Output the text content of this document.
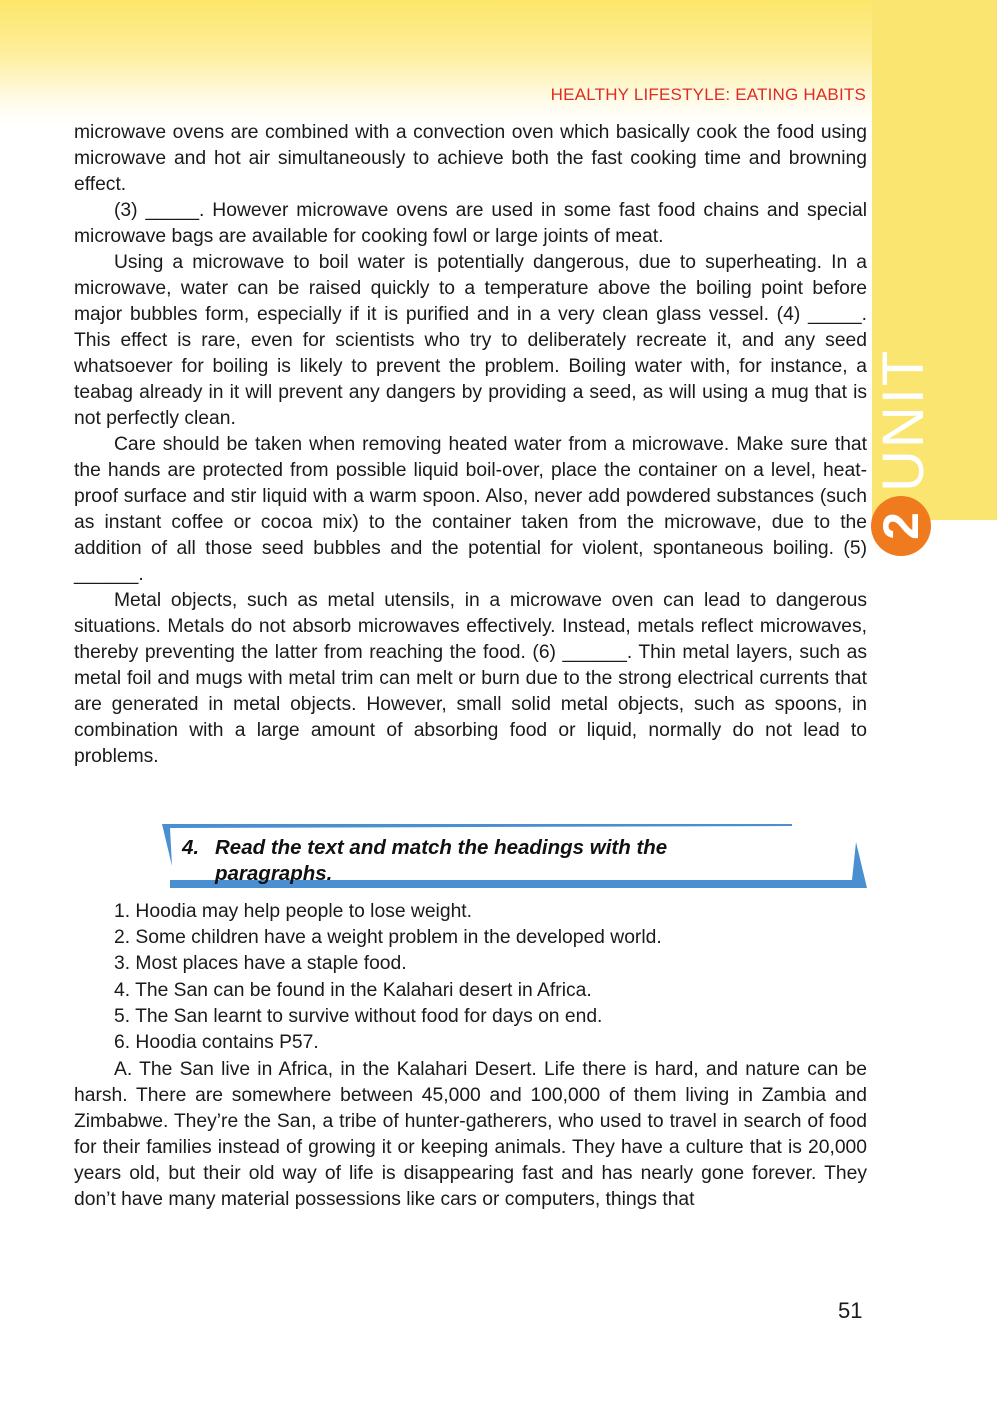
HEALTHY LIFESTYLE: EATING HABITS
UNIT
2

microwave ovens are combined with a convection oven which basically cook the food using microwave and hot air simultaneously to achieve both the fast cooking time and browning effect.

(3) _____. However microwave ovens are used in some fast food chains and special microwave bags are available for cooking fowl or large joints of meat.

Using a microwave to boil water is potentially dangerous, due to superheating. In a microwave, water can be raised quickly to a temperature above the boiling point before major bubbles form, especially if it is purified and in a very clean glass vessel. (4) _____. This effect is rare, even for scientists who try to deliberately recreate it, and any seed whatsoever for boiling is likely to prevent the problem. Boiling water with, for instance, a teabag already in it will prevent any dangers by providing a seed, as will using a mug that is not perfectly clean.

Care should be taken when removing heated water from a microwave. Make sure that the hands are protected from possible liquid boil-over, place the container on a level, heat-proof surface and stir liquid with a warm spoon. Also, never add powdered substances (such as instant coffee or cocoa mix) to the container taken from the microwave, due to the addition of all those seed bubbles and the potential for violent, spontaneous boiling. (5) ______.

Metal objects, such as metal utensils, in a microwave oven can lead to dangerous situations. Metals do not absorb microwaves effectively. Instead, metals reflect microwaves, thereby preventing the latter from reaching the food. (6) ______. Thin metal layers, such as metal foil and mugs with metal trim can melt or burn due to the strong electrical currents that are generated in metal objects. However, small solid metal objects, such as spoons, in combination with a large amount of absorbing food or liquid, normally do not lead to problems.

4. Read the text and match the headings with the
paragraphs.
1. Hoodia may help people to lose weight.
2. Some children have a weight problem in the developed world.
3. Most places have a staple food.
4. The San can be found in the Kalahari desert in Africa.
5. The San learnt to survive without food for days on end.
6. Hoodia contains P57.

A. The San live in Africa, in the Kalahari Desert. Life there is hard, and nature can be harsh. There are somewhere between 45,000 and 100,000 of them living in Zambia and Zimbabwe. They’re the San, a tribe of hunter-gatherers, who used to travel in search of food for their families instead of growing it or keeping animals. They have a culture that is 20,000 years old, but their old way of life is disappearing fast and has nearly gone forever. They don’t have many material possessions like cars or computers, things that

51
